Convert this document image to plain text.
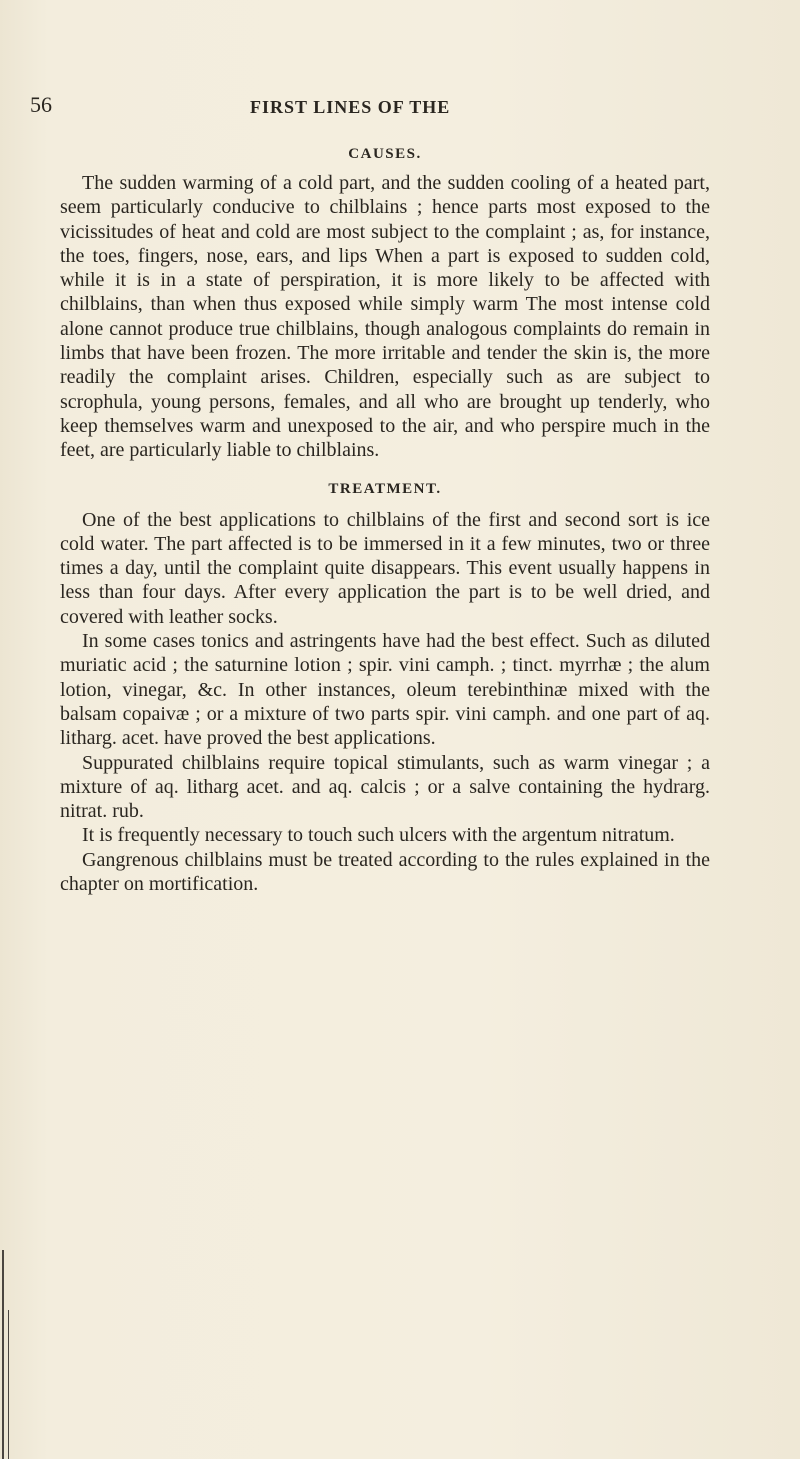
56	FIRST LINES OF THE
CAUSES.

The sudden warming of a cold part, and the sudden cooling of a heated part, seem particularly conducive to chilblains ; hence parts most exposed to the vicissitudes of heat and cold are most subject to the complaint ; as, for instance, the toes, fingers, nose, ears, and lips When a part is exposed to sudden cold, while it is in a state of perspiration, it is more likely to be affected with chilblains, than when thus exposed while simply warm The most intense cold alone cannot produce true chilblains, though analogous complaints do remain in limbs that have been frozen. The more irritable and tender the skin is, the more readily the complaint arises. Children, especially such as are subject to scrophula, young persons, females, and all who are brought up tenderly, who keep themselves warm and unexposed to the air, and who perspire much in the feet, are particularly liable to chilblains.

TREATMENT.

One of the best applications to chilblains of the first and second sort is ice cold water. The part affected is to be immersed in it a few minutes, two or three times a day, until the complaint quite disappears. This event usually happens in less than four days. After every application the part is to be well dried, and covered with leather socks.

In some cases tonics and astringents have had the best effect. Such as diluted muriatic acid ; the saturnine lotion ; spir. vini camph. ; tinct. myrrhæ ; the alum lotion, vinegar, &c. In other instances, oleum terebinthinæ mixed with the balsam copaivæ ; or a mixture of two parts spir. vini camph. and one part of aq. litharg. acet. have proved the best applications.

Suppurated chilblains require topical stimulants, such as warm vinegar ; a mixture of aq. litharg acet. and aq. calcis ; or a salve containing the hydrarg. nitrat. rub.

It is frequently necessary to touch such ulcers with the argentum nitratum.

Gangrenous chilblains must be treated according to the rules explained in the chapter on mortification.
